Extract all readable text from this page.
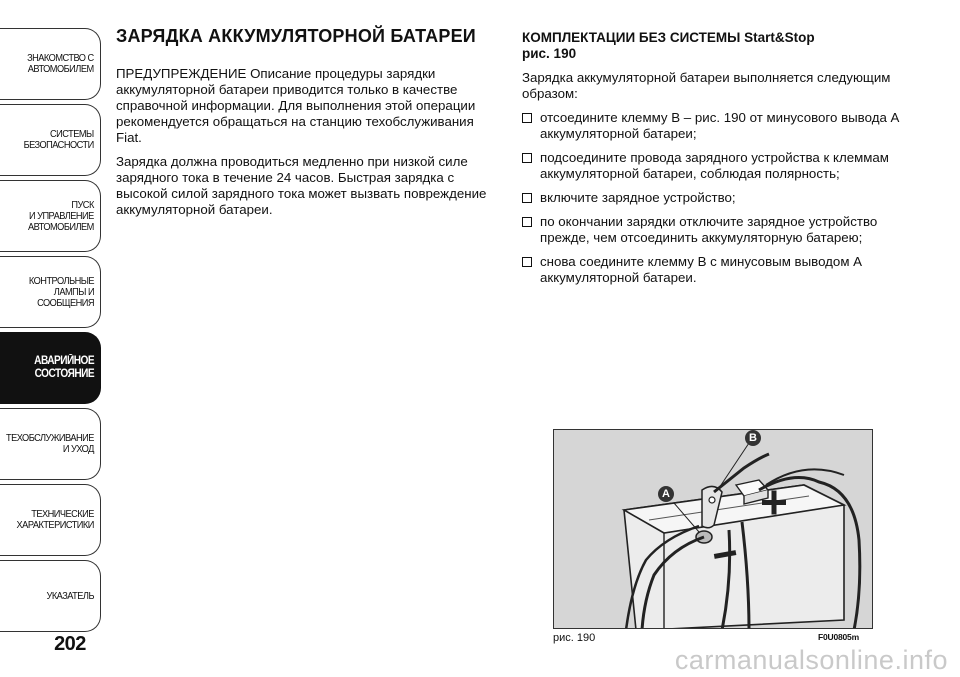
ЗНАКОМСТВО С
АВТОМОБИЛЕМ
СИСТЕМЫ
БЕЗОПАСНОСТИ
ПУСК
И УПРАВЛЕНИЕ
АВТОМОБИЛЕМ
КОНТРОЛЬНЫЕ
ЛАМПЫ И
СООБЩЕНИЯ
АВАРИЙНОЕ
СОСТОЯНИЕ
ТЕХОБСЛУЖИВАНИЕ
И УХОД
ТЕХНИЧЕСКИЕ
ХАРАКТЕРИСТИКИ
УКАЗАТЕЛЬ
202
ЗАРЯДКА АККУМУЛЯТОРНОЙ БАТАРЕИ

ПРЕДУПРЕЖДЕНИЕ Описание процедуры зарядки аккумуляторной батареи приводится только в качестве справочной информации. Для выполнения этой операции рекомендуется обращаться на станцию техобслуживания Fiat.

Зарядка должна проводиться медленно при низкой силе зарядного тока в течение 24 часов. Быстрая зарядка с высокой силой зарядного тока может вызвать повреждение аккумуляторной батареи.

КОМПЛЕКТАЦИИ БЕЗ СИСТЕМЫ Start&Stop
рис. 190

Зарядка аккумуляторной батареи выполняется следующим образом:

отсоедините клемму B – рис. 190 от минусового вывода A аккумуляторной батареи;
подсоедините провода зарядного устройства к клеммам аккумуляторной батареи, соблюдая полярность;
включите зарядное устройство;
по окончании зарядки отключите зарядное устройство прежде, чем отсоединить аккумуляторную батарею;
снова соедините клемму B с минусовым выводом A аккумуляторной батареи.
A
B
рис. 190	F0U0805m
carmanualsonline.info
